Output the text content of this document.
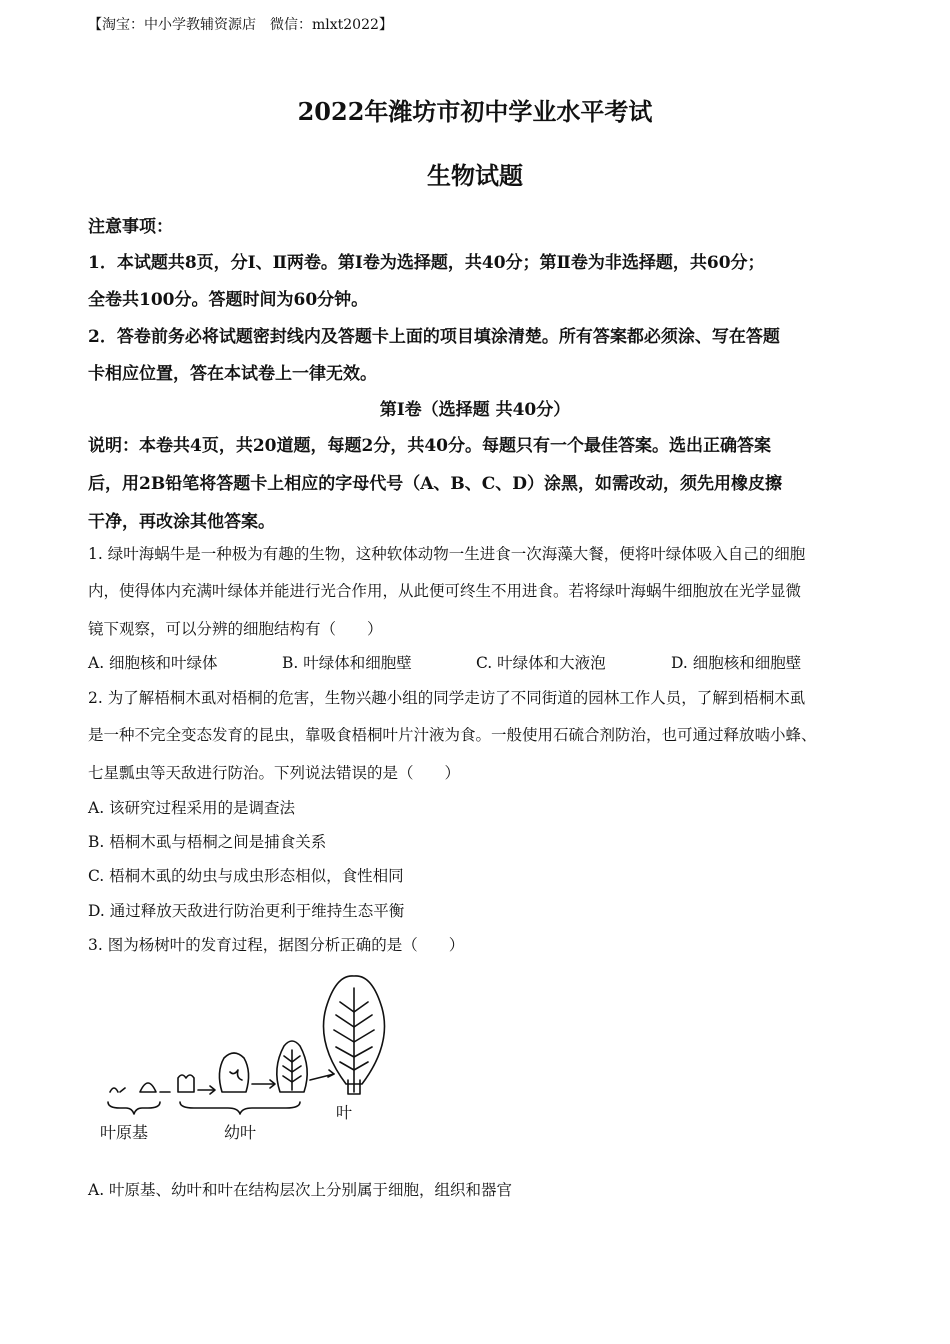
【淘宝：中小学教辅资源店　微信：mlxt2022】
2022年潍坊市初中学业水平考试
生物试题
注意事项：
1．本试题共8页，分Ⅰ、Ⅱ两卷。第Ⅰ卷为选择题，共40分；第Ⅱ卷为非选择题，共60分；
全卷共100分。答题时间为60分钟。
2．答卷前务必将试题密封线内及答题卡上面的项目填涂清楚。所有答案都必须涂、写在答题
卡相应位置，答在本试卷上一律无效。
第Ⅰ卷（选择题 共40分）
说明：本卷共4页，共20道题，每题2分，共40分。每题只有一个最佳答案。选出正确答案
后，用2B铅笔将答题卡上相应的字母代号（A、B、C、D）涂黑，如需改动，须先用橡皮擦
干净，再改涂其他答案。
1. 绿叶海蜗牛是一种极为有趣的生物，这种软体动物一生进食一次海藻大餐，便将叶绿体吸入自己的细胞
内，使得体内充满叶绿体并能进行光合作用，从此便可终生不用进食。若将绿叶海蜗牛细胞放在光学显微
镜下观察，可以分辨的细胞结构有（　　）
A. 细胞核和叶绿体	B. 叶绿体和细胞壁	C. 叶绿体和大液泡	D. 细胞核和细胞壁
2. 为了解梧桐木虱对梧桐的危害，生物兴趣小组的同学走访了不同街道的园林工作人员，了解到梧桐木虱
是一种不完全变态发育的昆虫，靠吸食梧桐叶片汁液为食。一般使用石硫合剂防治，也可通过释放啮小蜂、
七星瓢虫等天敌进行防治。下列说法错误的是（　　）
A. 该研究过程采用的是调查法
B. 梧桐木虱与梧桐之间是捕食关系
C. 梧桐木虱的幼虫与成虫形态相似，食性相同
D. 通过释放天敌进行防治更利于维持生态平衡
3. 图为杨树叶的发育过程，据图分析正确的是（　　）
叶原基	幼叶
叶
A. 叶原基、幼叶和叶在结构层次上分别属于细胞，组织和器官
